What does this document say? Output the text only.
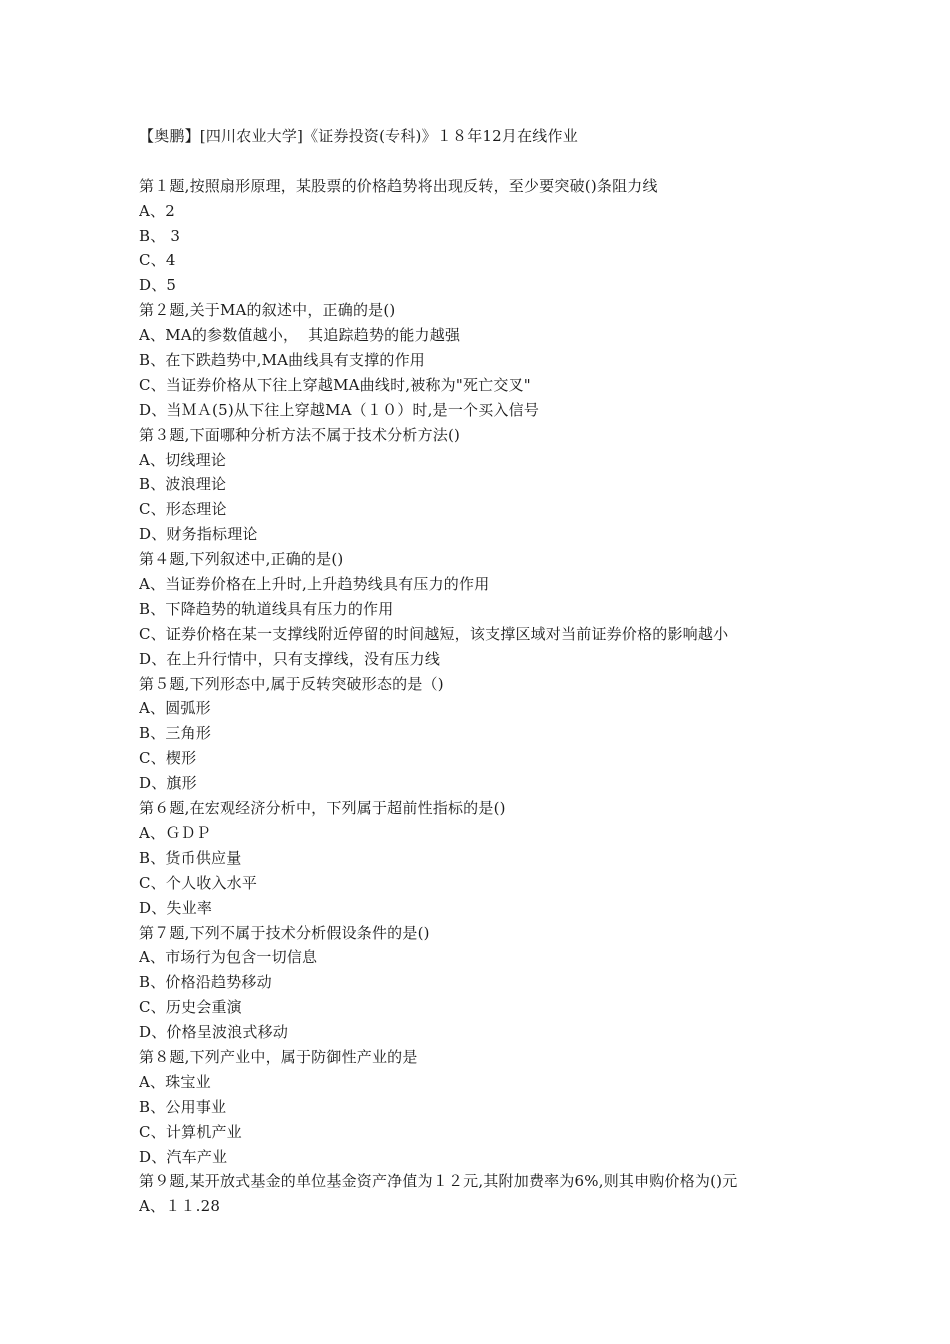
【奥鹏】[四川农业大学]《证券投资(专科)》１８年12月在线作业

第１题,按照扇形原理，某股票的价格趋势将出现反转，至少要突破()条阻力线
A、2
B、 3
C、4
D、5
第２题,关于MA的叙述中，正确的是()
A、MA的参数值越小，  其追踪趋势的能力越强
B、在下跌趋势中,MA曲线具有支撑的作用
C、当证券价格从下往上穿越MA曲线时,被称为"死亡交叉"
D、当ＭＡ(5)从下往上穿越MA（１０）时,是一个买入信号
第３题,下面哪种分析方法不属于技术分析方法()
A、切线理论
B、波浪理论
C、形态理论
D、财务指标理论
第４题,下列叙述中,正确的是()
A、当证券价格在上升时,上升趋势线具有压力的作用
B、下降趋势的轨道线具有压力的作用
C、证券价格在某一支撑线附近停留的时间越短，该支撑区域对当前证券价格的影响越小
D、在上升行情中，只有支撑线，没有压力线
第５题,下列形态中,属于反转突破形态的是（)
A、圆弧形
B、三角形
C、楔形
D、旗形
第６题,在宏观经济分析中，下列属于超前性指标的是()
A、ＧＤＰ
B、货币供应量
C、个人收入水平
D、失业率
第７题,下列不属于技术分析假设条件的是()
A、市场行为包含一切信息
B、价格沿趋势移动
C、历史会重演
D、价格呈波浪式移动
第８题,下列产业中，属于防御性产业的是
A、珠宝业
B、公用事业
C、计算机产业
D、汽车产业
第９题,某开放式基金的单位基金资产净值为１２元,其附加费率为6%,则其申购价格为()元
A、１１.28
